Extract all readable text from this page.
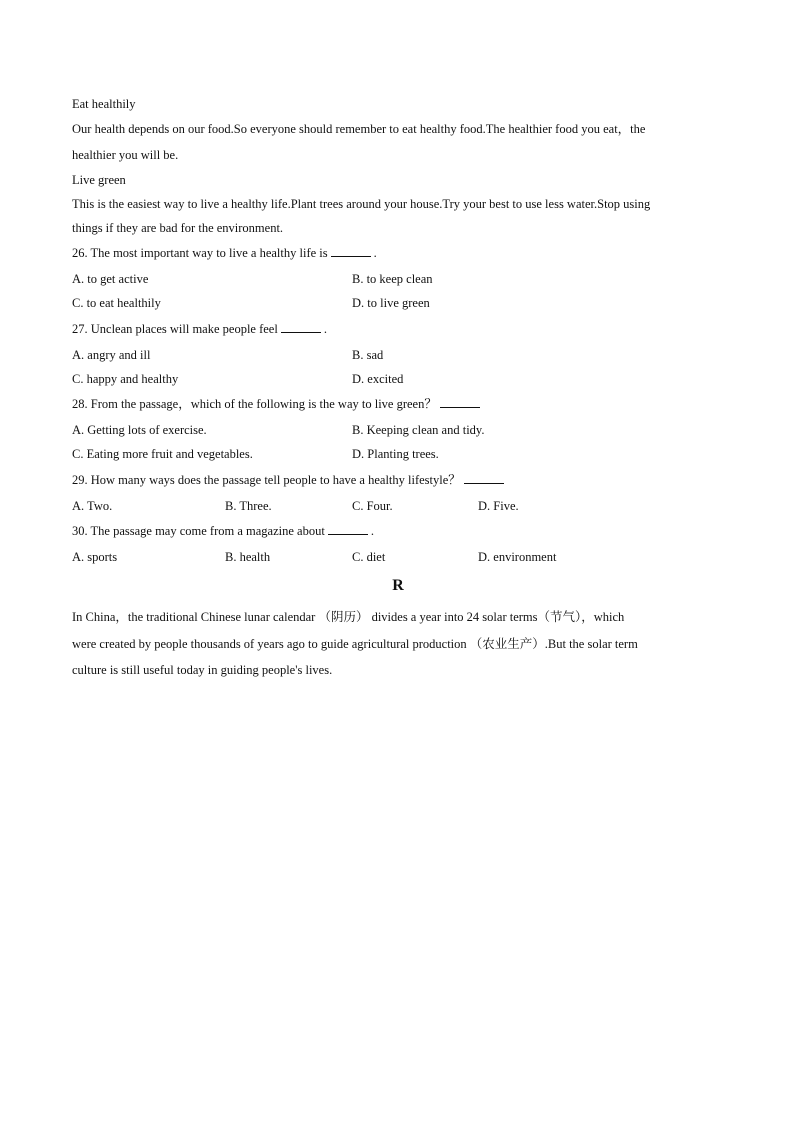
Eat healthily
Our health depends on our food.So everyone should remember to eat healthy food.The healthier food you eat，the
healthier you will be.
Live green
This is the easiest way to live a healthy life.Plant trees around your house.Try your best to use less water.Stop using
things if they are bad for the environment.
26. The most important way to live a healthy life is	.
A. to get active	B. to keep clean
C. to eat healthily	D. to live green
27. Unclean places will make people feel	.
A. angry and ill	B. sad
C. happy and healthy	D. excited
28. From the passage，which of the following is the way to live green？
A. Getting lots of exercise.	B. Keeping clean and tidy.
C. Eating more fruit and vegetables.	D. Planting trees.
29. How many ways does the passage tell people to have a healthy lifestyle？
A. Two.	B. Three.	C. Four.	D. Five.
30. The passage may come from a magazine about	.
A. sports	B. health	C. diet	D. environment
R
In China，the traditional Chinese lunar calendar （阴历） divides a year into 24 solar terms（节气），which
were created by people thousands of years ago to guide agricultural production （农业生产）.But the solar term
culture is still useful today in guiding people's lives.
